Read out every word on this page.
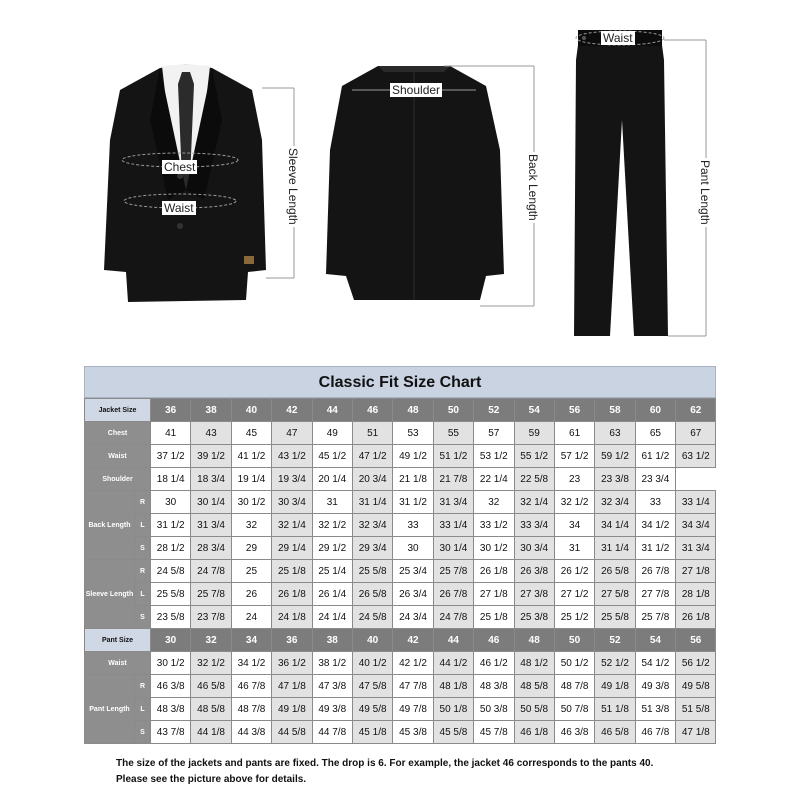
Chest
Waist	Sleeve Length
Shoulder
Back Length
Waist
Pant Length
Classic Fit Size Chart
Jacket Size		36	38	40	42	44	46	48	50	52	54	56	58	60	62
Chest		41	43	45	47	49	51	53	55	57	59	61	63	65	67
Waist		37 1/2	39 1/2	41 1/2	43 1/2	45 1/2	47 1/2	49 1/2	51 1/2	53 1/2	55 1/2	57 1/2	59 1/2	61 1/2	63 1/2
Shoulder		18 1/4	18 3/4	19 1/4	19 3/4	20 1/4	20 3/4	21 1/8	21 7/8	22 1/4	22 5/8	23	23 3/8	23 3/4	
Back Length	R	30	30 1/4	30 1/2	30 3/4	31	31 1/4	31 1/2	31 3/4	32	32 1/4	32 1/2	32 3/4	33	33 1/4
	L	31 1/2	31 3/4	32	32 1/4	32 1/2	32 3/4	33	33 1/4	33 1/2	33 3/4	34	34 1/4	34 1/2	34 3/4
	S	28 1/2	28 3/4	29	29 1/4	29 1/2	29 3/4	30	30 1/4	30 1/2	30 3/4	31	31 1/4	31 1/2	31 3/4
Sleeve Length	R	24 5/8	24 7/8	25	25 1/8	25 1/4	25 5/8	25 3/4	25 7/8	26 1/8	26 3/8	26 1/2	26 5/8	26 7/8	27 1/8
	L	25 5/8	25 7/8	26	26 1/8	26 1/4	26 5/8	26 3/4	26 7/8	27 1/8	27 3/8	27 1/2	27 5/8	27 7/8	28 1/8
	S	23 5/8	23 7/8	24	24 1/8	24 1/4	24 5/8	24 3/4	24 7/8	25 1/8	25 3/8	25 1/2	25 5/8	25 7/8	26 1/8
Pant Size		30	32	34	36	38	40	42	44	46	48	50	52	54	56
Waist		30 1/2	32 1/2	34 1/2	36 1/2	38 1/2	40 1/2	42 1/2	44 1/2	46 1/2	48 1/2	50 1/2	52 1/2	54 1/2	56 1/2
Pant Length	R	46 3/8	46 5/8	46 7/8	47 1/8	47 3/8	47 5/8	47 7/8	48 1/8	48 3/8	48 5/8	48 7/8	49 1/8	49 3/8	49 5/8
	L	48 3/8	48 5/8	48 7/8	49 1/8	49 3/8	49 5/8	49 7/8	50 1/8	50 3/8	50 5/8	50 7/8	51 1/8	51 3/8	51 5/8
	S	43 7/8	44 1/8	44 3/8	44 5/8	44 7/8	45 1/8	45 3/8	45 5/8	45 7/8	46 1/8	46 3/8	46 5/8	46 7/8	47 1/8
The size of the jackets and pants are fixed. The drop is 6. For example, the jacket 46 corresponds to the pants 40.
Please see the picture above for details.
